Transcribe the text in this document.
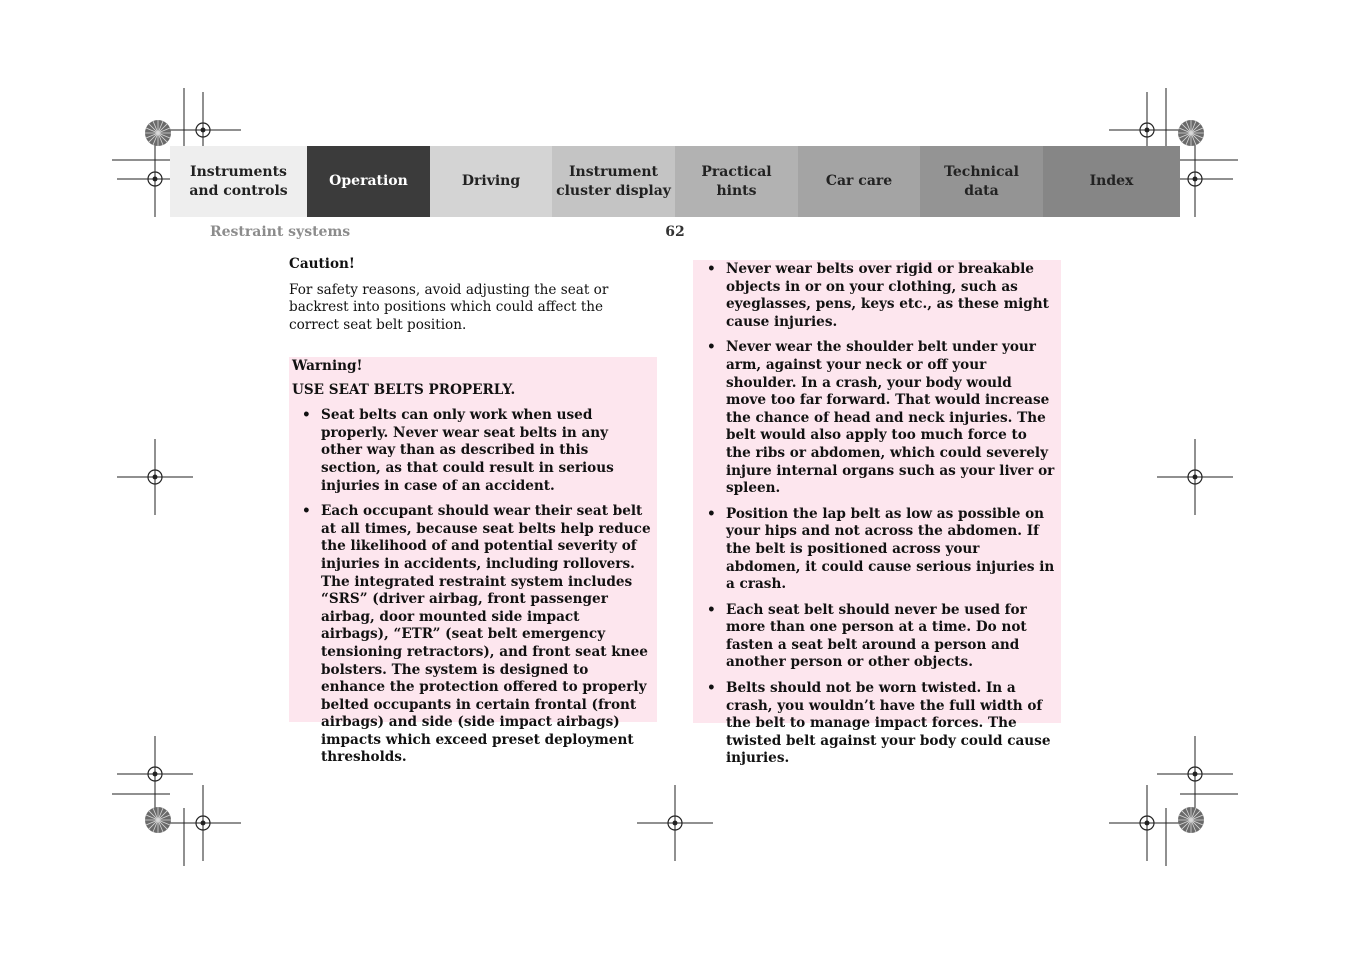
Instruments
and controls
Operation	Driving
Instrument
cluster display
Practical hints
Car care
Technical
data
Index
Restraint systems	62

Caution!

For safety reasons, avoid adjusting the seat or backrest into positions which could affect the correct seat belt position.

Warning!

USE SEAT BELTS PROPERLY.

• Seat belts can only work when used properly. Never wear seat belts in any other way than as described in this section, as that could result in serious injuries in case of an accident.
• Each occupant should wear their seat belt at all times, because seat belts help reduce the likelihood of and potential severity of injuries in accidents, including rollovers. The integrated restraint system includes “SRS” (driver airbag, front passenger airbag, door mounted side impact airbags), “ETR” (seat belt emergency tensioning retractors), and front seat knee bolsters. The system is designed to enhance the protection offered to properly belted occupants in certain frontal (front airbags) and side (side impact airbags) impacts which exceed preset deployment thresholds.
• Never wear belts over rigid or breakable objects in or on your clothing, such as eyeglasses, pens, keys etc., as these might cause injuries.
• Never wear the shoulder belt under your arm, against your neck or off your shoulder. In a crash, your body would move too far forward. That would increase the chance of head and neck injuries. The belt would also apply too much force to the ribs or abdomen, which could severely injure internal organs such as your liver or spleen.
• Position the lap belt as low as possible on your hips and not across the abdomen. If the belt is positioned across your abdomen, it could cause serious injuries in a crash.
• Each seat belt should never be used for more than one person at a time. Do not fasten a seat belt around a person and another person or other objects.
• Belts should not be worn twisted. In a crash, you wouldn’t have the full width of the belt to manage impact forces. The twisted belt against your body could cause injuries.
